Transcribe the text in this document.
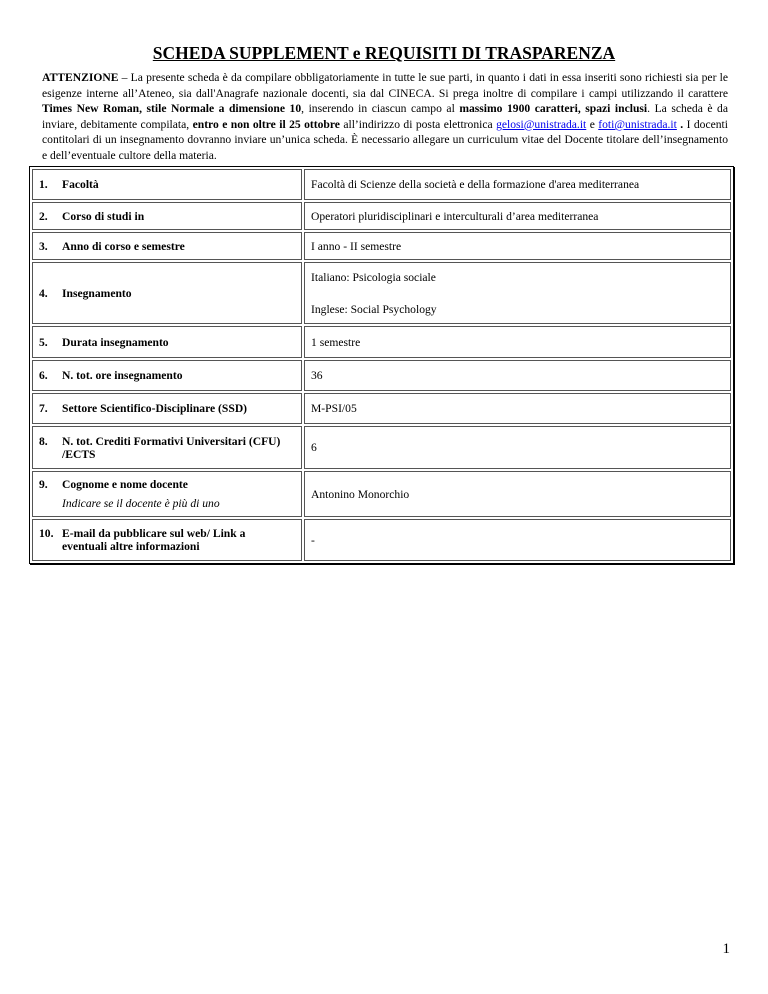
SCHEDA SUPPLEMENT e REQUISITI DI TRASPARENZA
ATTENZIONE – La presente scheda è da compilare obbligatoriamente in tutte le sue parti, in quanto i dati in essa inseriti sono richiesti sia per le esigenze interne all’Ateneo, sia dall'Anagrafe nazionale docenti, sia dal CINECA. Si prega inoltre di compilare i campi utilizzando il carattere Times New Roman, stile Normale a dimensione 10, inserendo in ciascun campo al massimo 1900 caratteri, spazi inclusi. La scheda è da inviare, debitamente compilata, entro e non oltre il 25 ottobre all’indirizzo di posta elettronica gelosi@unistrada.it e foti@unistrada.it . I docenti contitolari di un insegnamento dovranno inviare un’unica scheda. È necessario allegare un curriculum vitae del Docente titolare dell’insegnamento e dell’eventuale cultore della materia.
1. Facoltà	Facoltà di Scienze della società e della formazione d'area mediterranea
2. Corso di studi in	Operatori pluridisciplinari e interculturali d’area mediterranea
3. Anno di corso e semestre	I anno - II semestre
4. Insegnamento	Italiano: Psicologia sociale
Inglese: Social Psychology

5. Durata insegnamento	1 semestre
6. N. tot. ore insegnamento	36
7. Settore Scientifico-Disciplinare (SSD)	M-PSI/05
8. N. tot. Crediti Formativi Universitari (CFU) /ECTS	6
9. Cognome e nome docente
Indicare se il docente è più di uno	Antonino Monorchio
10. E-mail da pubblicare sul web/ Link a eventuali altre informazioni	-
1
